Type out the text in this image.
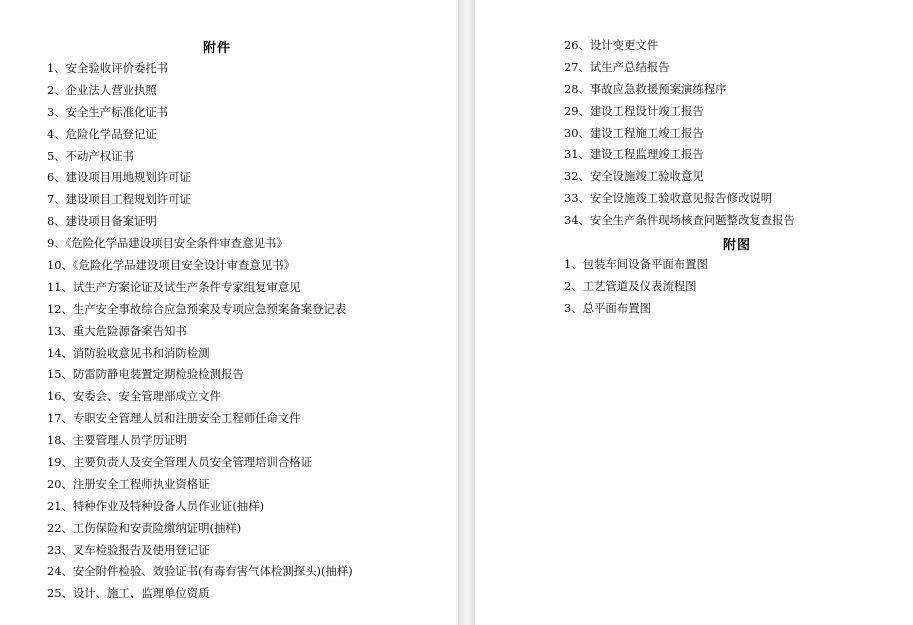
附件
1、安全验收评价委托书
2、企业法人营业执照
3、安全生产标准化证书
4、危险化学品登记证
5、不动产权证书
6、建设项目用地规划许可证
7、建设项目工程规划许可证
8、建设项目备案证明
9、《危险化学品建设项目安全条件审查意见书》
10、《危险化学品建设项目安全设计审查意见书》
11、试生产方案论证及试生产条件专家组复审意见
12、生产安全事故综合应急预案及专项应急预案备案登记表
13、重大危险源备案告知书
14、消防验收意见书和消防检测
15、防雷防静电装置定期检验检测报告
16、安委会、安全管理部成立文件
17、专职安全管理人员和注册安全工程师任命文件
18、主要管理人员学历证明
19、主要负责人及安全管理人员安全管理培训合格证
20、注册安全工程师执业资格证
21、特种作业及特种设备人员作业证(抽样)
22、工伤保险和安责险缴纳证明(抽样)
23、叉车检验报告及使用登记证
24、安全附件检验、效验证书(有毒有害气体检测探头)(抽样)
25、设计、施工、监理单位资质
26、设计变更文件
27、试生产总结报告
28、事故应急救援预案演练程序
29、建设工程设计竣工报告
30、建设工程施工竣工报告
31、建设工程监理竣工报告
32、安全设施竣工验收意见
33、安全设施竣工验收意见报告修改说明
34、安全生产条件现场核查问题整改复查报告
附图
1、包装车间设备平面布置图
2、工艺管道及仪表流程图
3、总平面布置图
